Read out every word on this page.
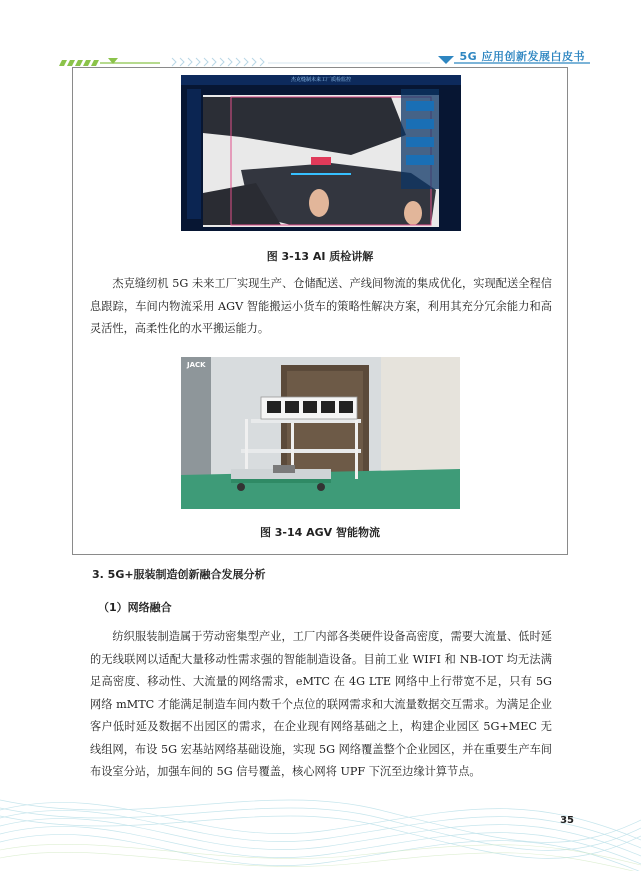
5G 应用创新发展白皮书
杰克缝制未来工厂质检监控
图 3-13 AI 质检讲解

杰克缝纫机 5G 未来工厂实现生产、仓储配送、产线间物流的集成优化，实现配送全程信息跟踪，车间内物流采用 AGV 智能搬运小货车的策略性解决方案，利用其充分冗余能力和高灵活性，高柔性化的水平搬运能力。

JACK
图 3-14 AGV 智能物流
3. 5G+服装制造创新融合发展分析
（1）网络融合

纺织服装制造属于劳动密集型产业，工厂内部各类硬件设备高密度，需要大流量、低时延的无线联网以适配大量移动性需求强的智能制造设备。目前工业 WIFI 和 NB-IOT 均无法满足高密度、移动性、大流量的网络需求，eMTC 在 4G LTE 网络中上行带宽不足，只有 5G 网络 mMTC 才能满足制造车间内数千个点位的联网需求和大流量数据交互需求。为满足企业客户低时延及数据不出园区的需求，在企业现有网络基础之上，构建企业园区 5G+MEC 无线组网，布设 5G 宏基站网络基础设施，实现 5G 网络覆盖整个企业园区，并在重要生产车间布设室分站，加强车间的 5G 信号覆盖，核心网将 UPF 下沉至边缘计算节点。

35
